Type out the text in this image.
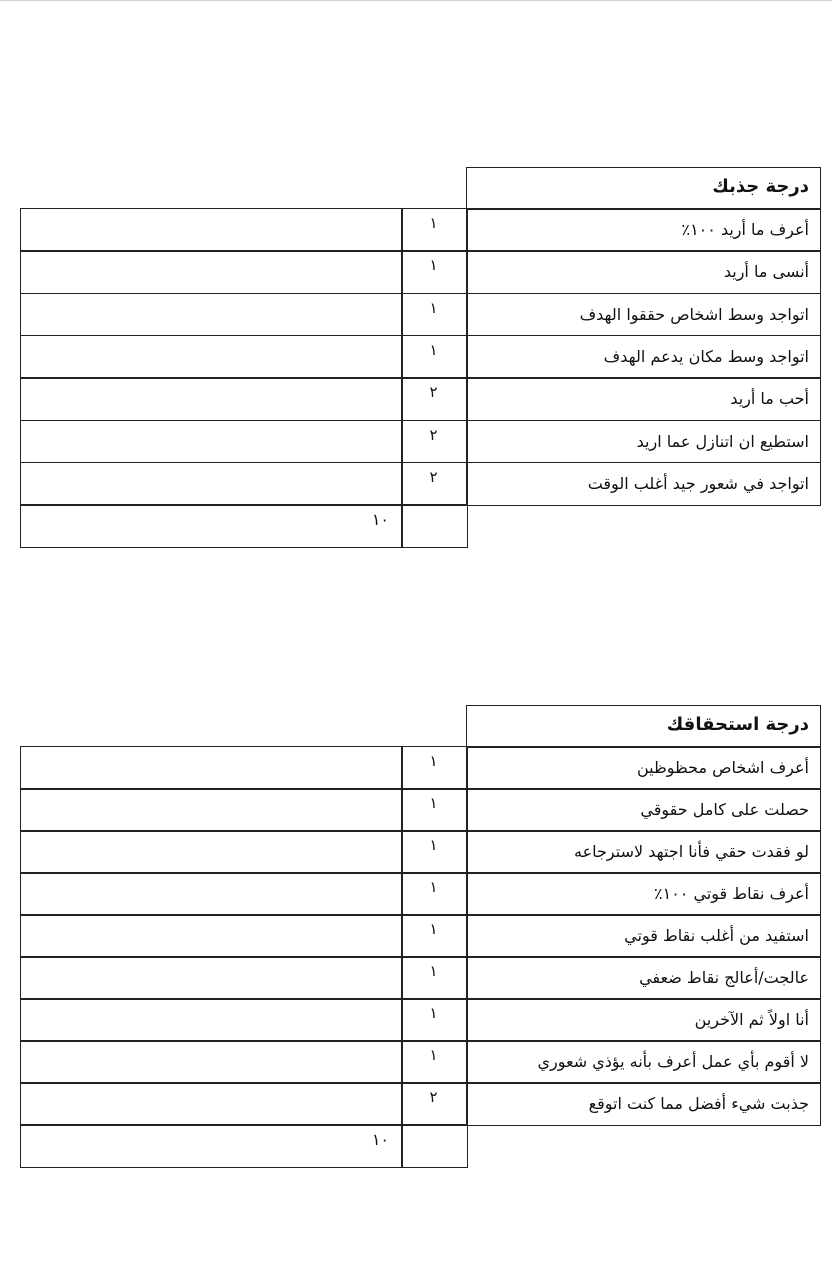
درجة جذبك
١	أعرف ما أريد ١٠٠٪
١	أنسى ما أريد
١	اتواجد وسط اشخاص حققوا الهدف
١	اتواجد وسط مكان يدعم الهدف
٢	أحب ما أريد
٢	استطيع ان اتنازل عما اريد
٢	اتواجد في شعور جيد أغلب الوقت
١٠
درجة استحقاقك
١	أعرف اشخاص محظوظين
١	حصلت على كامل حقوقي
١	لو فقدت حقي فأنا اجتهد لاسترجاعه
١	أعرف نقاط قوتي ١٠٠٪
١	استفيد من أغلب نقاط قوتي
١	عالجت/أعالج نقاط ضعفي
١	أنا اولاً ثم الآخرين
١	لا أقوم بأي عمل أعرف بأنه يؤذي شعوري
٢	جذبت شيء أفضل مما كنت اتوقع
١٠
